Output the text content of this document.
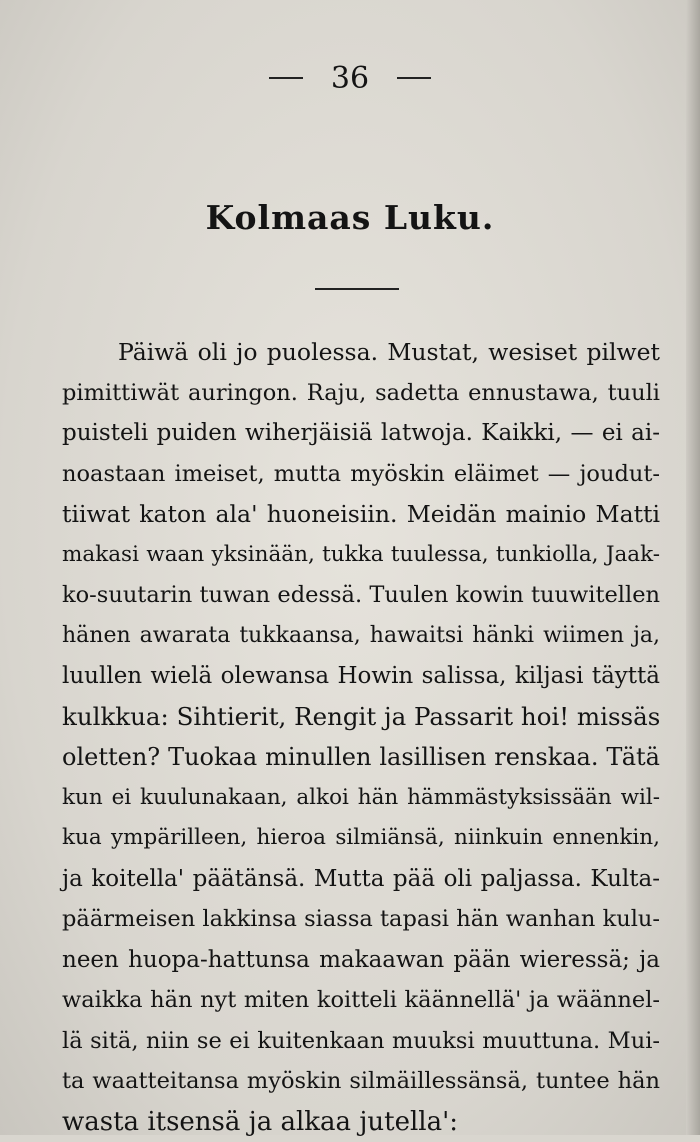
36
Kolmaas Luku.
Päiwä oli jo puolessa. Mustat, wesiset pilwet
pimittiwät auringon. Raju, sadetta ennustawa, tuuli
puisteli puiden wiherjäisiä latwoja. Kaikki, — ei ai-
noastaan imeiset, mutta myöskin eläimet — joudut-
tiiwat katon ala' huoneisiin. Meidän mainio Matti
makasi waan yksinään, tukka tuulessa, tunkiolla, Jaak-
ko-suutarin tuwan edessä. Tuulen kowin tuuwitellen
hänen awarata tukkaansa, hawaitsi hänki wiimen ja,
luullen wielä olewansa Howin salissa, kiljasi täyttä
kulkkua: Sihtierit, Rengit ja Passarit hoi! missäs
oletten? Tuokaa minullen lasillisen renskaa. Tätä
kun ei kuulunakaan, alkoi hän hämmästyksissään wil-
kua ympärilleen, hieroa silmiänsä, niinkuin ennenkin,
ja koitella' päätänsä. Mutta pää oli paljassa. Kulta-
päärmeisen lakkinsa siassa tapasi hän wanhan kulu-
neen huopa-hattunsa makaawan pään wieressä; ja
waikka hän nyt miten koitteli käännellä' ja wäännel-
lä sitä, niin se ei kuitenkaan muuksi muuttuna. Mui-
ta waatteitansa myöskin silmäillessänsä, tuntee hän
wasta itsensä ja alkaa jutella':
